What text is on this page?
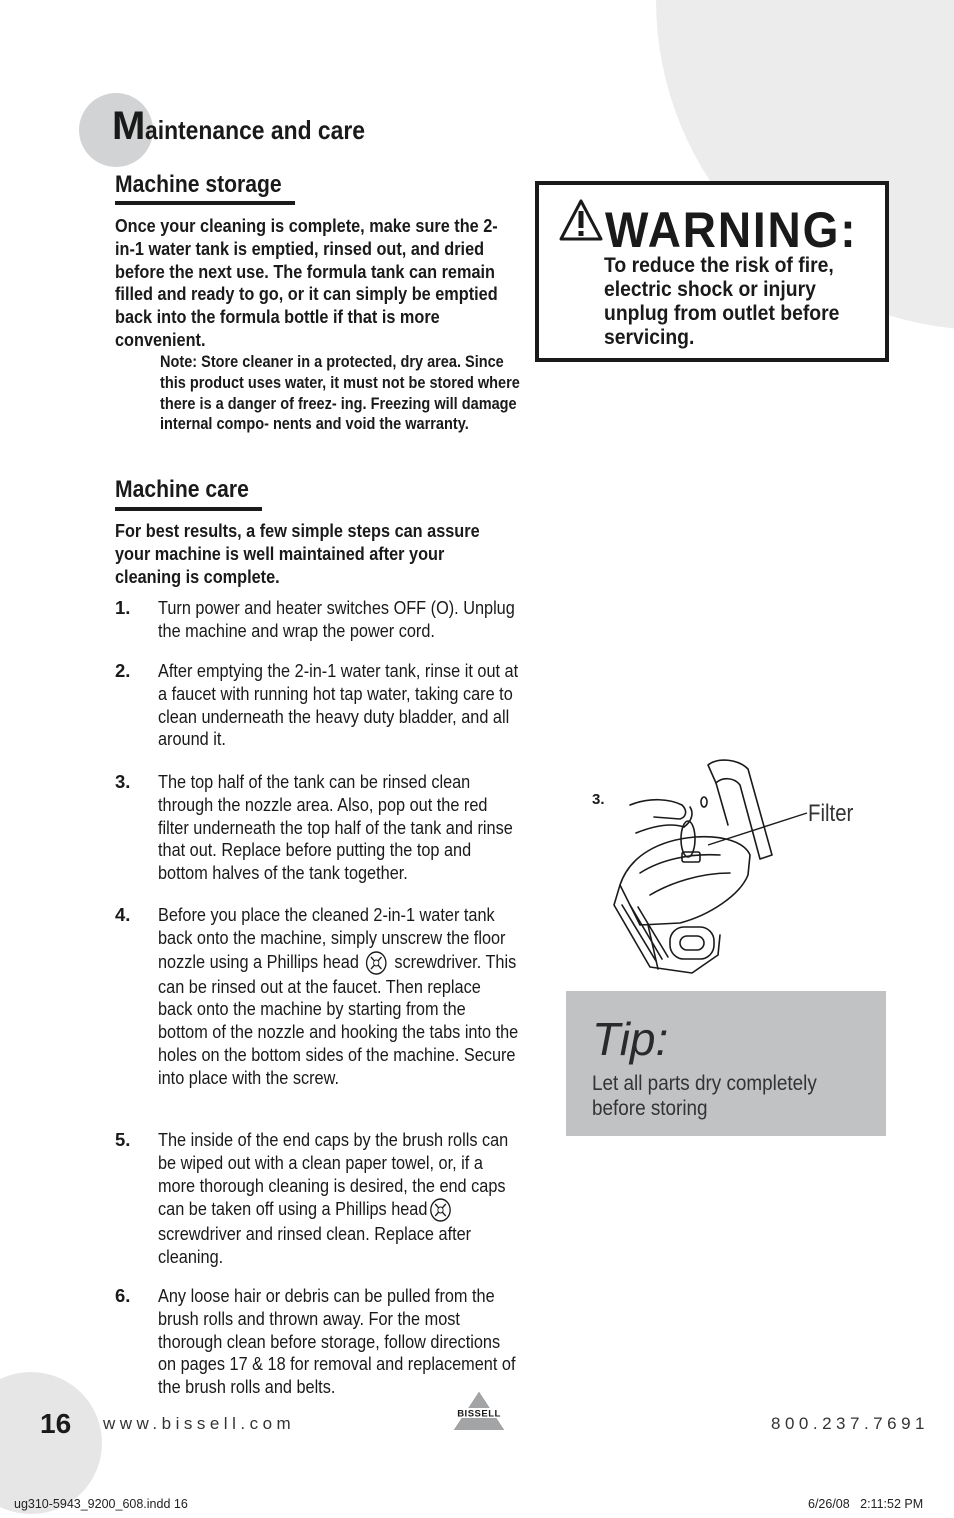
Maintenance and care
Machine storage
Once your cleaning is complete, make sure the 2-in-1 water tank is emptied, rinsed out, and dried before the next use. The formula tank can remain filled and ready to go, or it can simply be emptied back into the formula bottle if that is more convenient.
Note: Store cleaner in a protected, dry area. Since this product uses water, it must not be stored where there is a danger of freez- ing. Freezing will damage internal compo- nents and void the warranty.
Machine care
For best results, a few simple steps can assure your machine is well maintained after your cleaning is complete.
1. Turn power and heater switches OFF (O). Unplug the machine and wrap the power cord.
2. After emptying the 2-in-1 water tank, rinse it out at a faucet with running hot tap water, taking care to clean underneath the heavy duty bladder, and all around it.
3. The top half of the tank can be rinsed clean through the nozzle area. Also, pop out the red filter underneath the top half of the tank and rinse that out. Replace before putting the top and bottom halves of the tank together.
4. Before you place the cleaned 2-in-1 water tank back onto the machine, simply unscrew the floor nozzle using a Phillips head screwdriver. This can be rinsed out at the faucet. Then replace back onto the machine by starting from the bottom of the nozzle and hooking the tabs into the holes on the bottom sides of the machine. Secure into place with the screw.
5. The inside of the end caps by the brush rolls can be wiped out with a clean paper towel, or, if a more thorough cleaning is desired, the end caps can be taken off using a Phillips head screwdriver and rinsed clean. Replace after cleaning.
6. Any loose hair or debris can be pulled from the brush rolls and thrown away. For the most thorough clean before storage, follow directions on pages 17 & 18 for removal and replacement of the brush rolls and belts.
WARNING:
To reduce the risk of fire, electric shock or injury unplug from outlet before servicing.
3.
Filter
Tip:
Let all parts dry completely before storing
16 www.bissell.com	BISSELL	800.237.7691
ug310-5943_9200_608.indd 16	6/26/08   2:11:52 PM
